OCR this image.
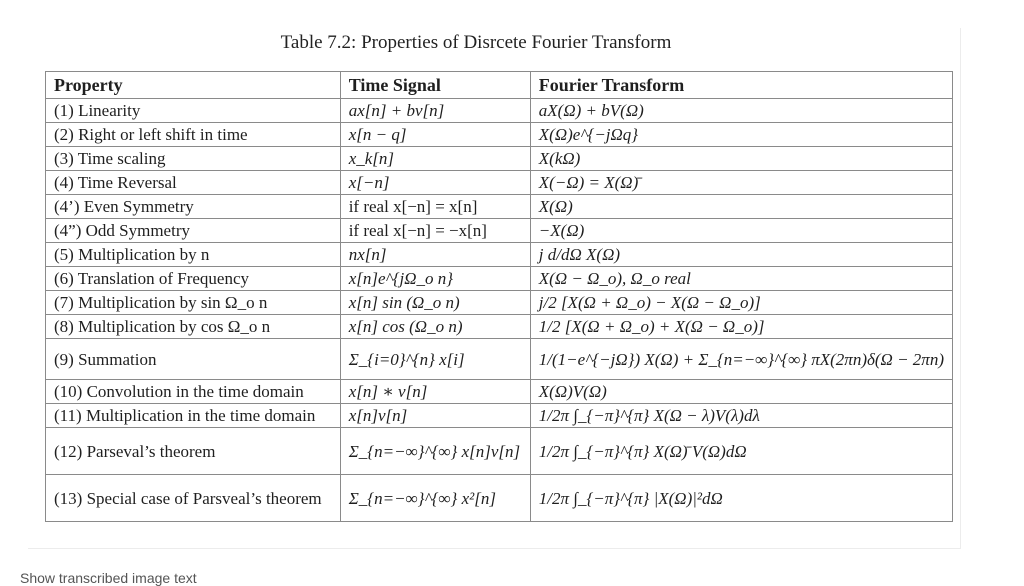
Table 7.2: Properties of Disrcete Fourier Transform
Property	Time Signal	Fourier Transform
(1) Linearity	ax[n] + bv[n]	aX(Ω) + bV(Ω)
(2) Right or left shift in time	x[n − q]	X(Ω)e^{−jΩq}
(3) Time scaling	x_k[n]	X(kΩ)
(4) Time Reversal	x[−n]	X(−Ω) = X(Ω)̄
(4’) Even Symmetry	if real x[−n] = x[n]	X(Ω)
(4”) Odd Symmetry	if real x[−n] = −x[n]	−X(Ω)
(5) Multiplication by n	nx[n]	j d/dΩ X(Ω)
(6) Translation of Frequency	x[n]e^{jΩ_o n}	X(Ω − Ω_o), Ω_o real
(7) Multiplication by sin Ω_o n	x[n] sin (Ω_o n)	j/2 [X(Ω + Ω_o) − X(Ω − Ω_o)]
(8) Multiplication by cos Ω_o n	x[n] cos (Ω_o n)	1/2 [X(Ω + Ω_o) + X(Ω − Ω_o)]
(9) Summation	Σ_{i=0}^{n} x[i]	1/(1−e^{−jΩ}) X(Ω) + Σ_{n=−∞}^{∞} πX(2πn)δ(Ω − 2πn)
(10) Convolution in the time domain	x[n] ∗ v[n]	X(Ω)V(Ω)
(11) Multiplication in the time domain	x[n]v[n]	1/2π ∫_{−π}^{π} X(Ω − λ)V(λ)dλ
(12) Parseval’s theorem	Σ_{n=−∞}^{∞} x[n]v[n]	1/2π ∫_{−π}^{π} X(Ω)̄ V(Ω)dΩ
(13) Special case of Parsveal’s theorem	Σ_{n=−∞}^{∞} x²[n]	1/2π ∫_{−π}^{π} |X(Ω)|²dΩ
Show transcribed image text
